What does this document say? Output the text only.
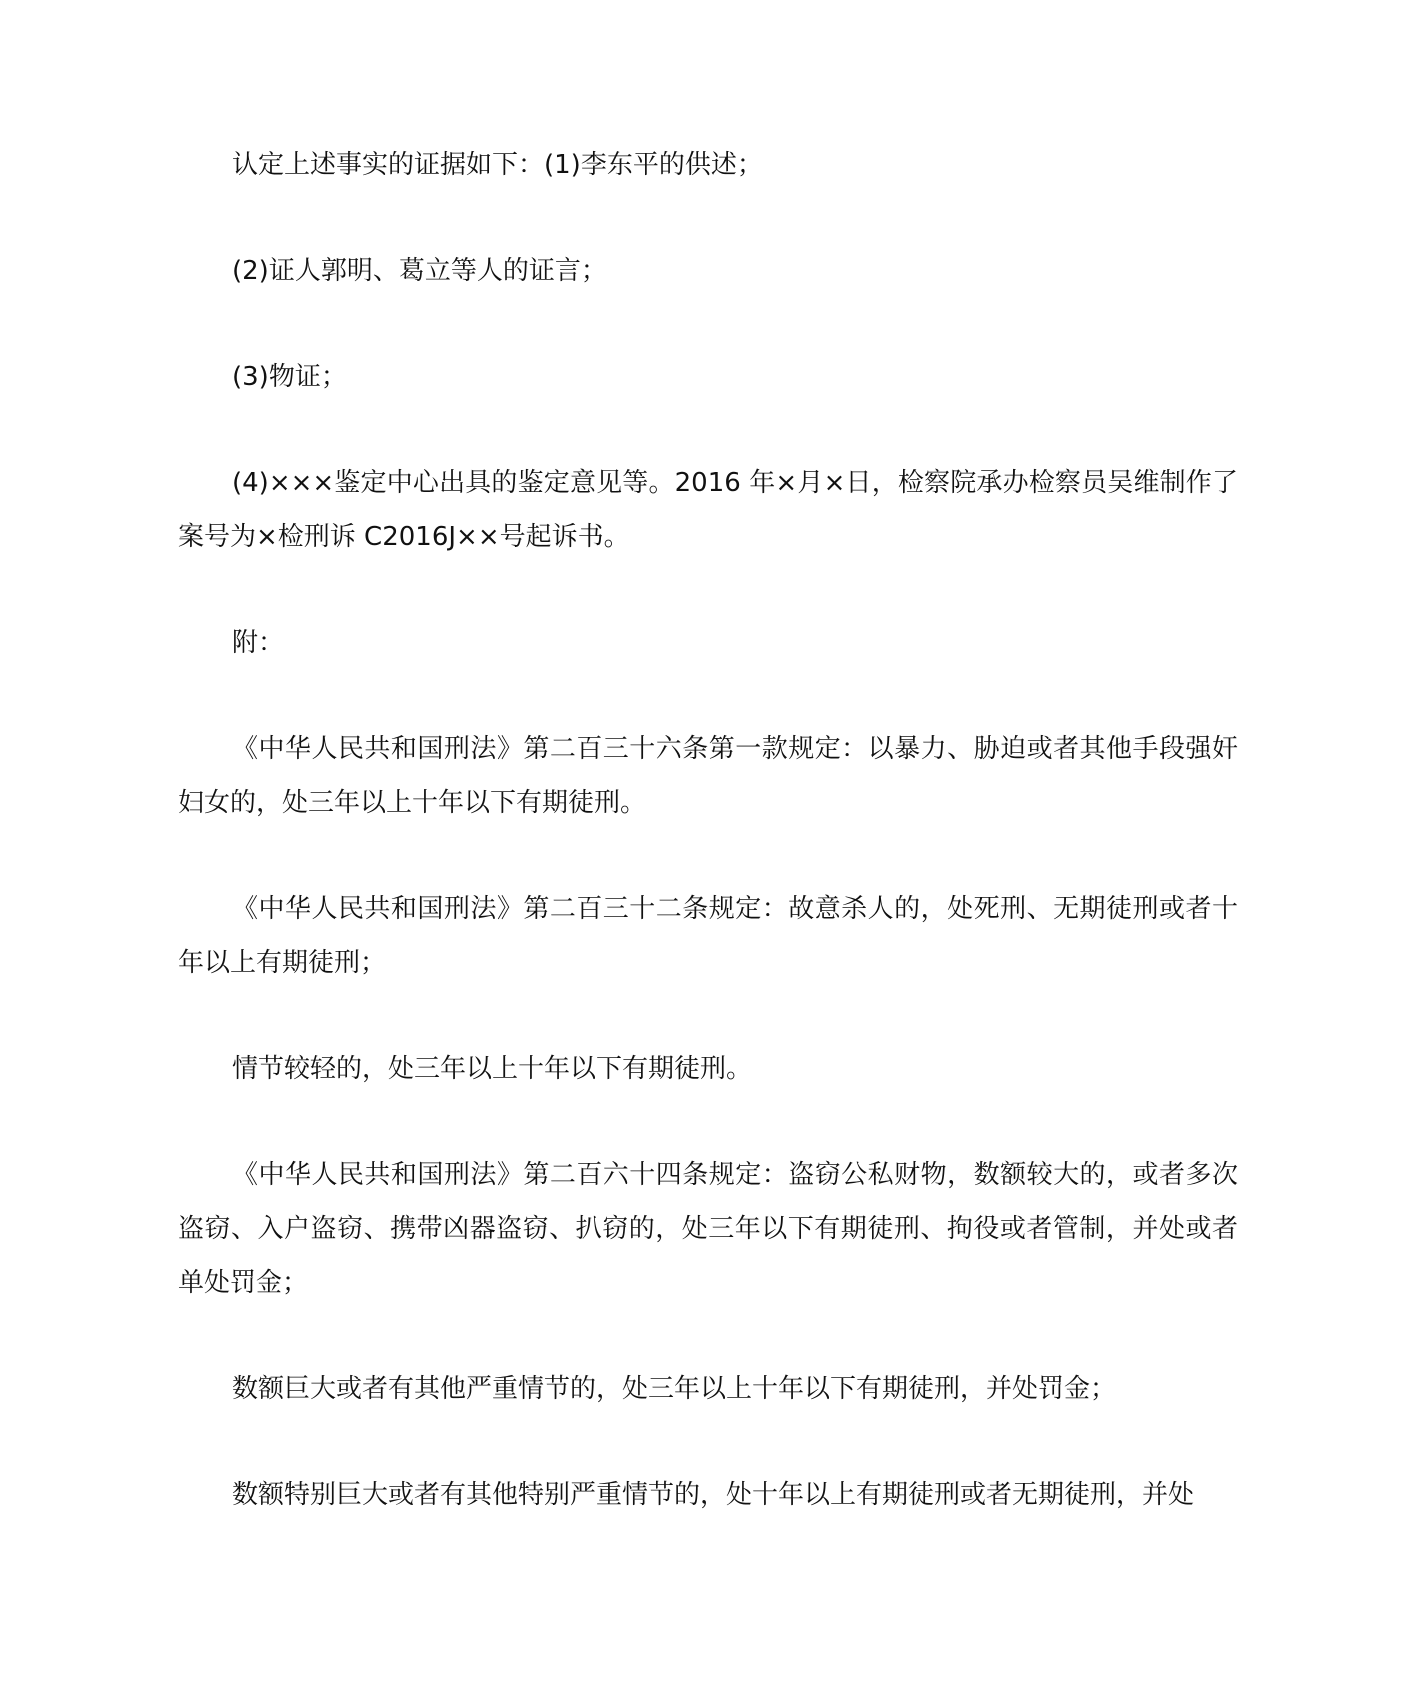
认定上述事实的证据如下：(1)李东平的供述；

(2)证人郭明、葛立等人的证言；

(3)物证；

(4)×××鉴定中心出具的鉴定意见等。2016 年×月×日，检察院承办检察员吴维制作了案号为×检刑诉 C2016J××号起诉书。

附：

《中华人民共和国刑法》第二百三十六条第一款规定：以暴力、胁迫或者其他手段强奸妇女的，处三年以上十年以下有期徒刑。

《中华人民共和国刑法》第二百三十二条规定：故意杀人的，处死刑、无期徒刑或者十年以上有期徒刑；

情节较轻的，处三年以上十年以下有期徒刑。

《中华人民共和国刑法》第二百六十四条规定：盗窃公私财物，数额较大的，或者多次盗窃、入户盗窃、携带凶器盗窃、扒窃的，处三年以下有期徒刑、拘役或者管制，并处或者单处罚金；

数额巨大或者有其他严重情节的，处三年以上十年以下有期徒刑，并处罚金；

数额特别巨大或者有其他特别严重情节的，处十年以上有期徒刑或者无期徒刑，并处
